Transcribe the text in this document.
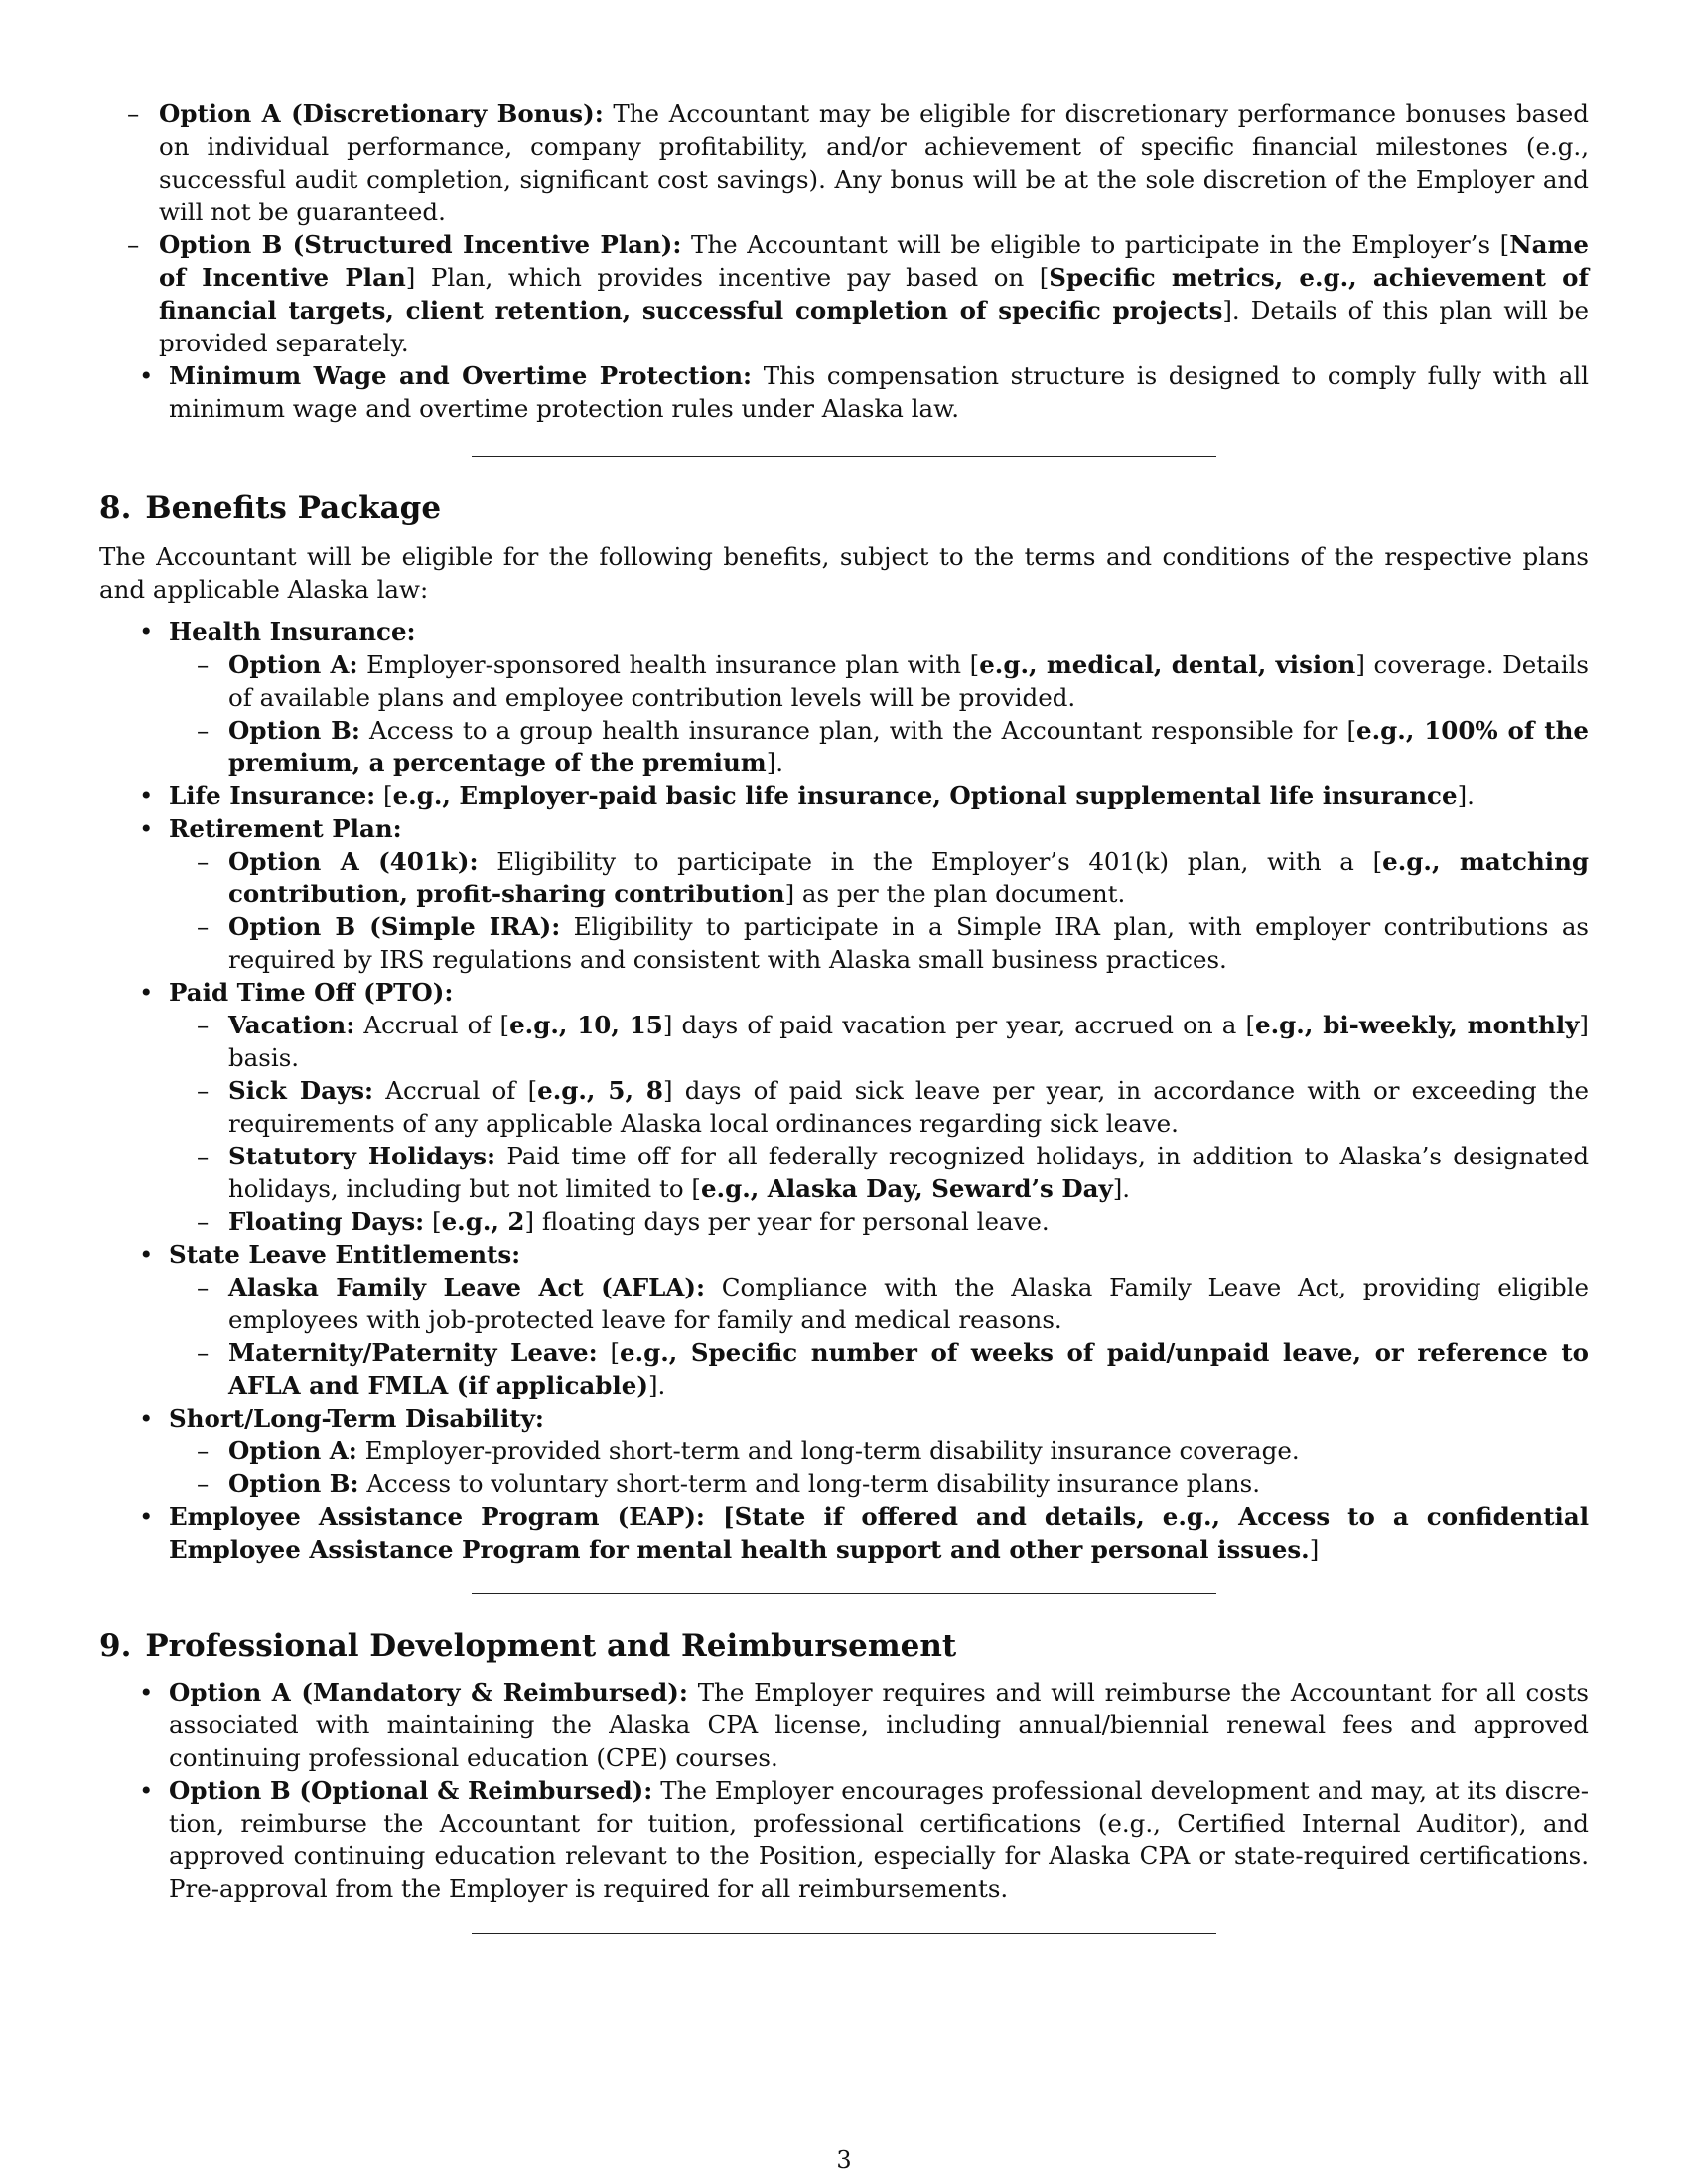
– Option A (Discretionary Bonus): The Accountant may be eligible for discretionary performance bonuses based on individual performance, company profitability, and/or achievement of specific financial milestones (e.g., successful audit completion, significant cost savings). Any bonus will be at the sole discretion of the Employer and will not be guaranteed.
– Option B (Structured Incentive Plan): The Accountant will be eligible to participate in the Employer’s [Name of Incentive Plan] Plan, which provides incentive pay based on [Specific metrics, e.g., achievement of financial targets, client retention, successful completion of specific projects]. Details of this plan will be provided separately.
• Minimum Wage and Overtime Protection: This compensation structure is designed to comply fully with all minimum wage and overtime protection rules under Alaska law.
8. Benefits Package

The Accountant will be eligible for the following benefits, subject to the terms and conditions of the respective plans and applicable Alaska law:

• Health Insurance:
– Option A: Employer-sponsored health insurance plan with [e.g., medical, dental, vision] coverage. Details of available plans and employee contribution levels will be provided.
– Option B: Access to a group health insurance plan, with the Accountant responsible for [e.g., 100% of the premium, a percentage of the premium].
• Life Insurance: [e.g., Employer-paid basic life insurance, Optional supplemental life insurance].
• Retirement Plan:
– Option A (401k): Eligibility to participate in the Employer’s 401(k) plan, with a [e.g., matching contribution, profit-sharing contribution] as per the plan document.
– Option B (Simple IRA): Eligibility to participate in a Simple IRA plan, with employer contributions as required by IRS regulations and consistent with Alaska small business practices.
• Paid Time Off (PTO):
– Vacation: Accrual of [e.g., 10, 15] days of paid vacation per year, accrued on a [e.g., bi-weekly, monthly] basis.
– Sick Days: Accrual of [e.g., 5, 8] days of paid sick leave per year, in accordance with or exceeding the requirements of any applicable Alaska local ordinances regarding sick leave.
– Statutory Holidays: Paid time off for all federally recognized holidays, in addition to Alaska’s designated holidays, including but not limited to [e.g., Alaska Day, Seward’s Day].
– Floating Days: [e.g., 2] floating days per year for personal leave.
• State Leave Entitlements:
– Alaska Family Leave Act (AFLA): Compliance with the Alaska Family Leave Act, providing eligible employees with job-protected leave for family and medical reasons.
– Maternity/Paternity Leave: [e.g., Specific number of weeks of paid/unpaid leave, or reference to AFLA and FMLA (if applicable)].
• Short/Long-Term Disability:
– Option A: Employer-provided short-term and long-term disability insurance coverage.
– Option B: Access to voluntary short-term and long-term disability insurance plans.
• Employee Assistance Program (EAP): [State if offered and details, e.g., Access to a confidential Employee Assistance Program for mental health support and other personal issues.]
9. Professional Development and Reimbursement
• Option A (Mandatory & Reimbursed): The Employer requires and will reimburse the Accountant for all costs associated with maintaining the Alaska CPA license, including annual/biennial renewal fees and approved continuing professional education (CPE) courses.
• Option B (Optional & Reimbursed): The Employer encourages professional development and may, at its discretion, reimburse the Accountant for tuition, professional certifications (e.g., Certified Internal Auditor), and approved continuing education relevant to the Position, especially for Alaska CPA or state-required certifications. Pre-approval from the Employer is required for all reimbursements.
3
